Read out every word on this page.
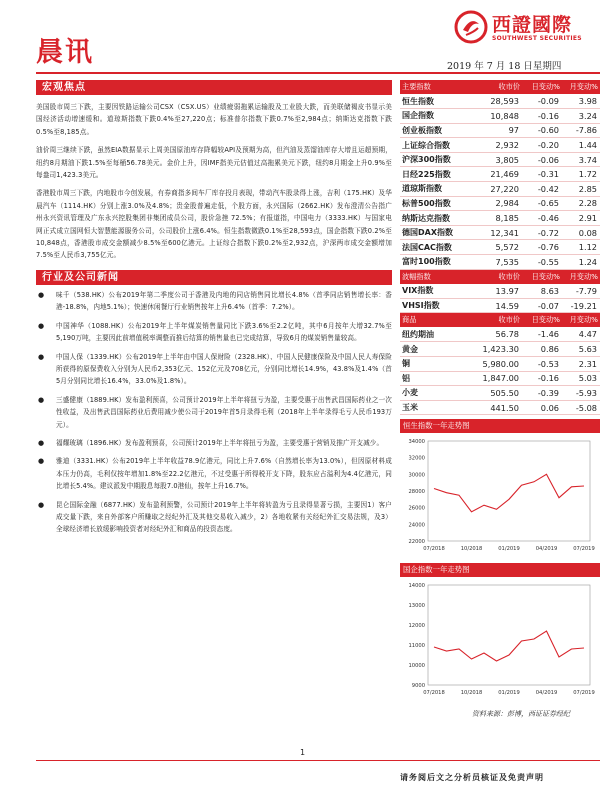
晨讯
西證國際
SOUTHWEST SECURITIES
2019 年 7 月 18 日星期四
宏观焦点

美国股市周三下跌，主要因铁路运输公司CSX（CSX.US）业绩疲弱拖累运输股及工业股大跌，而美联储褐皮书显示美国经济活动增速缓和。道琼斯指数下跌0.4%至27,220点；标准普尔指数下跌0.7%至2,984点；纳斯达克指数下跌0.5%至8,185点。

油价周三继续下跌，虽然EIA数据显示上周美国原油库存降幅较API及预期为高，但汽油及蒸馏油库存大增且运超预期，纽约8月期油下跌1.5%至每桶56.78美元。金价上升，因IMF指美元估值过高拖累美元下跌，纽约8月期金上升0.9%至每盎司1,423.3美元。

香港股市周三下跌，内地股市今创发展，有券商指多间车厂库存投月表现，带动汽车股录得上涨，吉利（175.HK）及华晨汽车（1114.HK）分别上涨3.0%及4.8%；贵金股普遍走低，个股方面，永兴国际（2662.HK）发布澄清公告指广州永兴资讯管理及广东永兴控股集团非集团成员公司，股价急挫 72.5%；有报道指，中国电力（3333.HK）与国家电网正式成立国网恒大智慧能源服务公司，公司股价上涨6.4%。恒生指数微跌0.1%至28,593点，国企指数下跌0.2%至10,848点，香港股市成交金额减少8.5%至600亿港元。上证综合指数下跌0.2%至2,932点，沪深两市成交金额增加7.5%至人民币3,755亿元。

行业及公司新闻
● 味千（538.HK）公布2019年第二季度公司于香港及内地的同店销售同比增长4.8%（首季同店销售增长率：香港-18.8%，内地5.1%）；快速休闲餐厅行业销售按年上升6.4%（首季：7.2%）。
● 中国神华（1088.HK）公布2019年上半年煤炭销售量同比下跌3.6%至2.2亿吨，其中6月按年大增32.7%至5,190万吨，主要因此前增值税率调整而推后结算的销售量也已完成结算，导致6月的煤炭销售量较高。
● 中国人保（1339.HK）公布2019年上半年由中国人保财险（2328.HK）、中国人民健康保险及中国人民人寿保险所获得的原保费收入分别为人民币2,353亿元、152亿元及708亿元，分别同比增长14.9%，43.8%及1.4%（首5月分别同比增长16.4%，33.0%及1.8%）。
● 三盛健康（1889.HK）发布盈利预喜，公司预计2019年上半年将扭亏为盈，主要受惠于出售武昌国际药业之一次性收益，及出售武昌国际药业后费用减少使公司于2019年首5月录得毛利（2018年上半年录得毛亏人民币193万元）。
● 福耀玻璃（1896.HK）发布盈利预喜，公司预计2019年上半年将扭亏为盈，主要受惠于营销及推广开支减少。
● 雅迪（3331.HK）公布2019年上半年收益78.9亿港元，同比上升7.6%（自然增长率为13.0%），但因原材料成本压力仍高，毛利仅按年增加1.8%至22.2亿港元，不过受惠于所得税开支下降，股东应占溢利为4.4亿港元，同比增长5.4%。建议派发中期股息每股7.0港仙，按年上升16.7%。
● 昆仑国际金融（6877.HK）发布盈利预警，公司预计2019年上半年将转盈为亏且录得显著亏损，主要因1）客户成交量下跌，来自外部客户所赚取之经纪外汇及其他交易收入减少，2）各地收紧有关经纪外汇交易法规，及3）全球经济增长放缓影响投资者对经纪外汇和商品的投资态度。
主要指数	收市价	日变动%	月变动%
恒生指数	28,593	-0.09	3.98
国企指数	10,848	-0.16	3.24
创业板指数	97	-0.60	-7.86
上证综合指数	2,932	-0.20	1.44
沪深300指数	3,805	-0.06	3.74
日经225指数	21,469	-0.31	1.72
道琼斯指数	27,220	-0.42	2.85
标普500指数	2,984	-0.65	2.28
纳斯达克指数	8,185	-0.46	2.91
德国DAX指数	12,341	-0.72	0.08
法国CAC指数	5,572	-0.76	1.12
富时100指数	7,535	-0.55	1.24
波幅指数	收市价	日变动%	月变动%
VIX指数	13.97	8.63	-7.79
VHSI指数	14.59	-0.07	-19.21
商品	收市价	日变动%	月变动%
纽约期油	56.78	-1.46	4.47
黄金	1,423.30	0.86	5.63
铜	5,980.00	-0.53	2.31
铝	1,847.00	-0.16	5.03
小麦	505.50	-0.39	-5.93
玉米	441.50	0.06	-5.08
恒生指数一年走势图
34000
32000
30000
28000
26000
24000
22000
07/2018	10/2018	01/2019	04/2019	07/2019
国企指数一年走势图
14000
13000
12000
11000
10000
9000
07/2018	10/2018	01/2019	04/2019	07/2019
资料来源：彭博，西证证券经纪
1
请务阅后文之分析员核证及免责声明
